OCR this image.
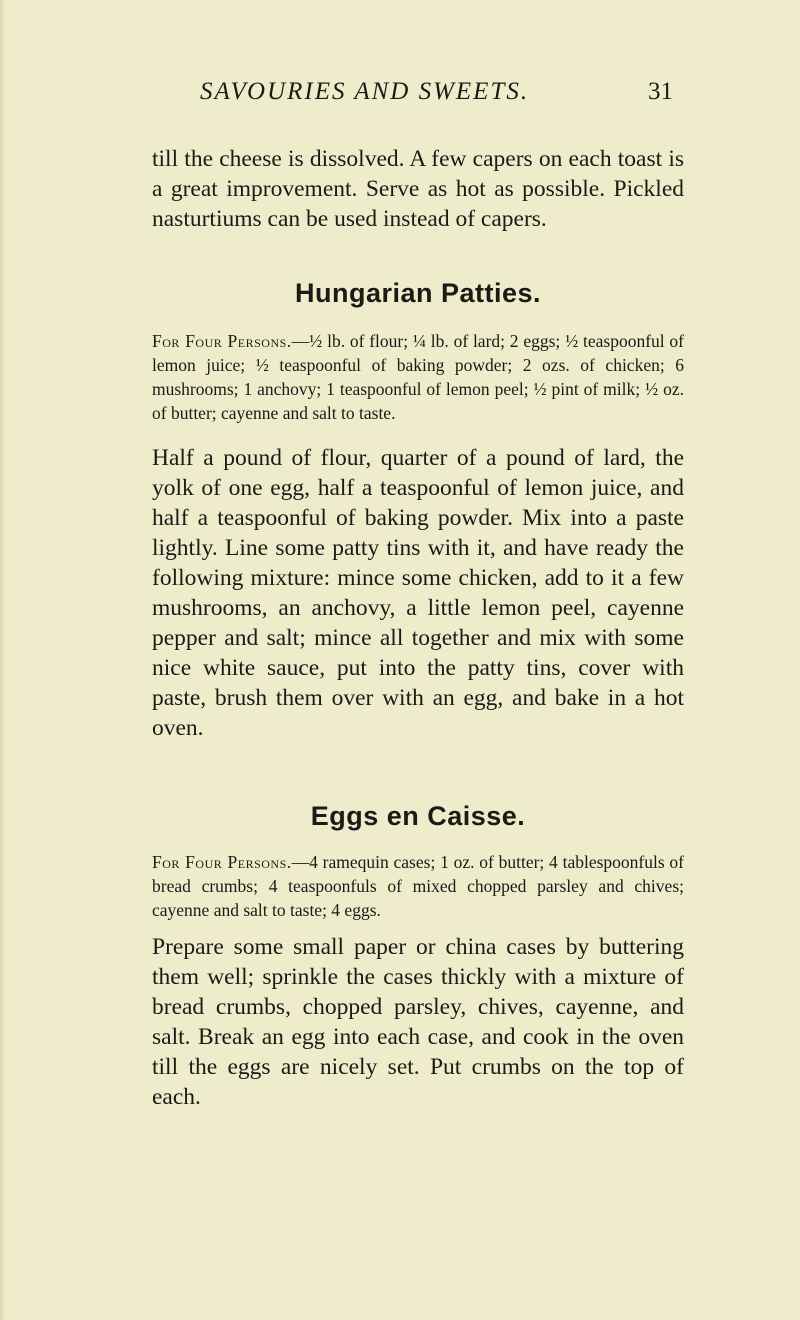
SAVOURIES AND SWEETS.	31

till the cheese is dissolved. A few capers on each toast is a great improvement. Serve as hot as possible. Pickled nasturtiums can be used instead of capers.

Hungarian Patties.

For Four Persons.—½ lb. of flour; ¼ lb. of lard; 2 eggs; ½ teaspoonful of lemon juice; ½ teaspoonful of baking powder; 2 ozs. of chicken; 6 mushrooms; 1 anchovy; 1 teaspoonful of lemon peel; ½ pint of milk; ½ oz. of butter; cayenne and salt to taste.

Half a pound of flour, quarter of a pound of lard, the yolk of one egg, half a teaspoonful of lemon juice, and half a teaspoonful of baking powder. Mix into a paste lightly. Line some patty tins with it, and have ready the following mixture: mince some chicken, add to it a few mushrooms, an anchovy, a little lemon peel, cayenne pepper and salt; mince all together and mix with some nice white sauce, put into the patty tins, cover with paste, brush them over with an egg, and bake in a hot oven.

Eggs en Caisse.

For Four Persons.—4 ramequin cases; 1 oz. of butter; 4 tablespoonfuls of bread crumbs; 4 teaspoonfuls of mixed chopped parsley and chives; cayenne and salt to taste; 4 eggs.

Prepare some small paper or china cases by buttering them well; sprinkle the cases thickly with a mixture of bread crumbs, chopped parsley, chives, cayenne, and salt. Break an egg into each case, and cook in the oven till the eggs are nicely set. Put crumbs on the top of each.
